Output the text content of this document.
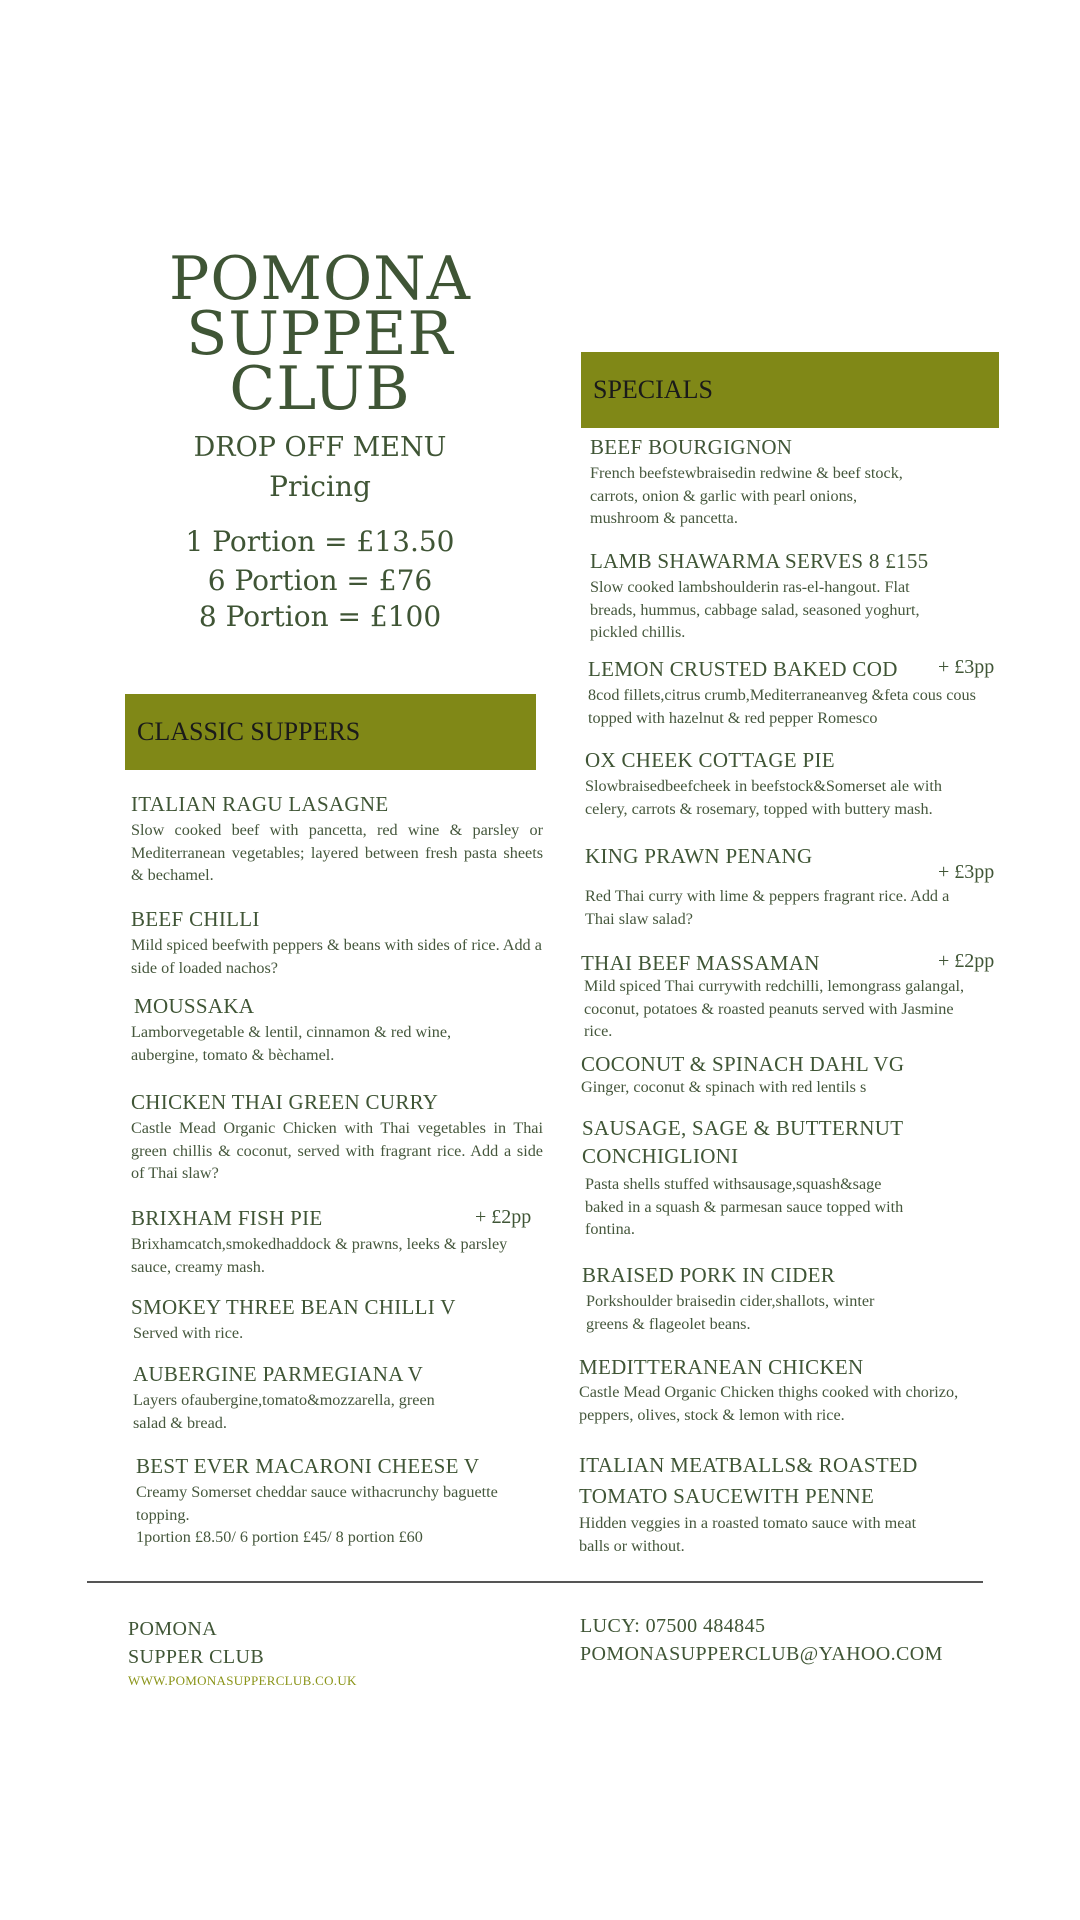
POMONA
SUPPER
CLUB
DROP OFF MENU
Pricing
1 Portion = £13.50
6 Portion = £76
8 Portion = £100
CLASSIC SUPPERS
SPECIALS
ITALIAN RAGU LASAGNE
Slow cooked beef with pancetta, red wine & parsley or Mediterranean vegetables; layered between fresh pasta sheets & bechamel.
BEEF CHILLI
Mild spiced beefwith peppers & beans with sides of rice. Add a side of loaded nachos?
MOUSSAKA
Lamborvegetable & lentil, cinnamon & red wine, aubergine, tomato & bèchamel.
CHICKEN THAI GREEN CURRY
Castle Mead Organic Chicken with Thai vegetables in Thai green chillis & coconut, served with fragrant rice. Add a side of Thai slaw?
BRIXHAM FISH PIE
Brixhamcatch,smokedhaddock & prawns, leeks & parsley sauce, creamy mash.
+ £2pp
SMOKEY THREE BEAN CHILLI V
Served with rice.
AUBERGINE PARMEGIANA V
Layers ofaubergine,tomato&mozzarella, green salad & bread.
BEST EVER MACARONI CHEESE V
Creamy Somerset cheddar sauce withacrunchy baguette topping.
1portion £8.50/ 6 portion £45/ 8 portion £60
BEEF BOURGIGNON
French beefstewbraisedin redwine & beef stock, carrots, onion & garlic with pearl onions, mushroom & pancetta.
LAMB SHAWARMA SERVES 8 £155
Slow cooked lambshoulderin ras-el-hangout. Flat breads, hummus, cabbage salad, seasoned yoghurt, pickled chillis.
LEMON CRUSTED BAKED COD
8cod fillets,citrus crumb,Mediterraneanveg &feta cous cous topped with hazelnut & red pepper Romesco
+ £3pp
OX CHEEK COTTAGE PIE
Slowbraisedbeefcheek in beefstock&Somerset ale with celery, carrots & rosemary, topped with buttery mash.
KING PRAWN PENANG
Red Thai curry with lime & peppers fragrant rice. Add a Thai slaw salad?
+ £3pp
THAI BEEF MASSAMAN
Mild spiced Thai currywith redchilli, lemongrass galangal, coconut, potatoes & roasted peanuts served with Jasmine rice.
+ £2pp
COCONUT & SPINACH DAHL VG
Ginger, coconut & spinach with red lentils s
SAUSAGE, SAGE & BUTTERNUT CONCHIGLIONI
Pasta shells stuffed withsausage,squash&sage baked in a squash & parmesan sauce topped with fontina.
BRAISED PORK IN CIDER
Porkshoulder braisedin cider,shallots, winter greens & flageolet beans.
MEDITTERANEAN CHICKEN
Castle Mead Organic Chicken thighs cooked with chorizo, peppers, olives, stock & lemon with rice.
ITALIAN MEATBALLS& ROASTED TOMATO SAUCEWITH PENNE
Hidden veggies in a roasted tomato sauce with meat balls or without.
POMONA
SUPPER CLUB
WWW.POMONASUPPERCLUB.CO.UK
LUCY: 07500 484845
POMONASUPPERCLUB@YAHOO.COM
